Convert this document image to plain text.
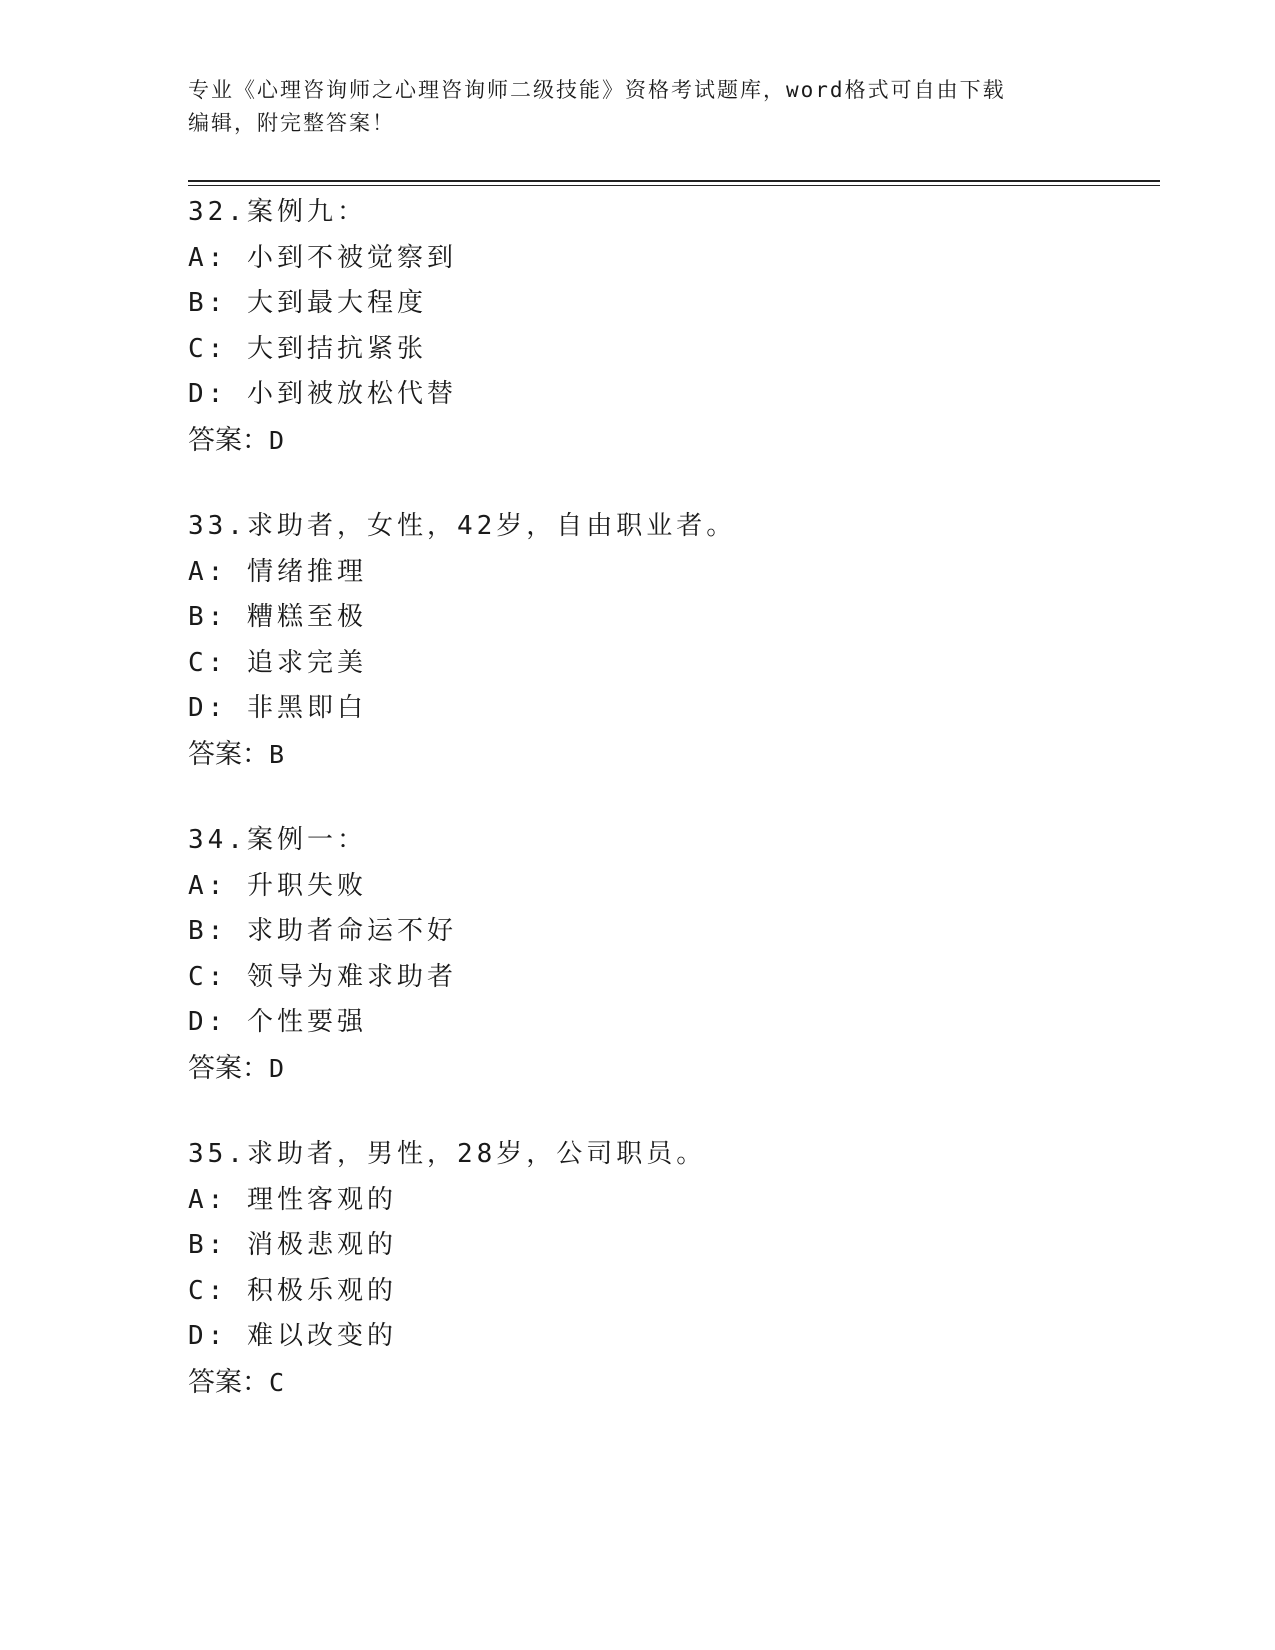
专业《心理咨询师之心理咨询师二级技能》资格考试题库，word格式可自由下载
编辑，附完整答案！
32.案例九：
A: 小到不被觉察到
B: 大到最大程度
C: 大到拮抗紧张
D: 小到被放松代替
答案：D
33.求助者，女性，42岁，自由职业者。
A: 情绪推理
B: 糟糕至极
C: 追求完美
D: 非黑即白
答案：B
34.案例一：
A: 升职失败
B: 求助者命运不好
C: 领导为难求助者
D: 个性要强
答案：D
35.求助者，男性，28岁，公司职员。
A: 理性客观的
B: 消极悲观的
C: 积极乐观的
D: 难以改变的
答案：C
